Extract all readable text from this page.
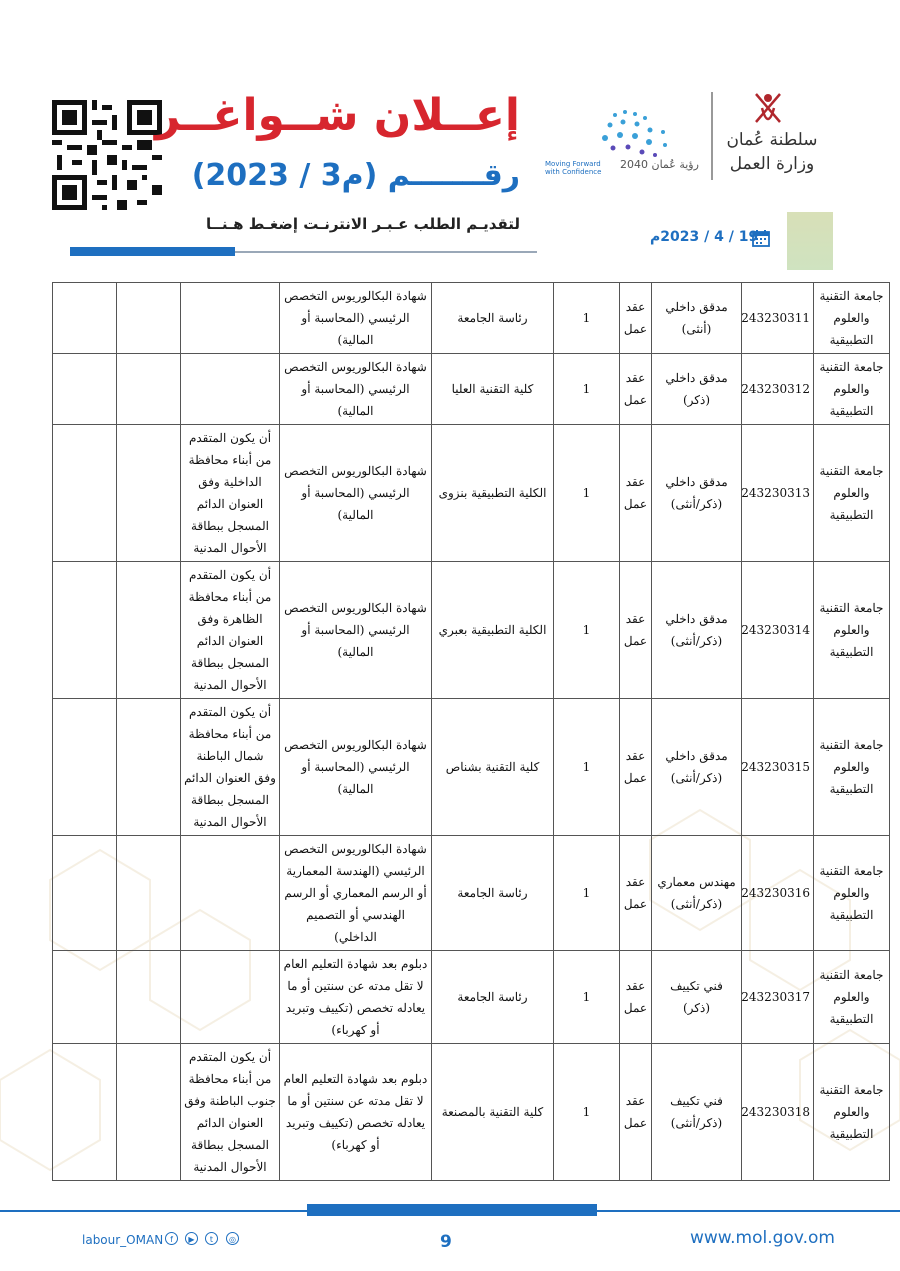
إعــلان شــواغــر
رقـــــــم (م3 / 2023)	Moving Forward
with Confidence
رؤية عُمان 2040
سلطنة عُمان
وزارة العمل
لتقديـم الطلب عـبـر الانترنـت إضغـط هـنــا
19 / 4 / 2023م
جامعة التقنية والعلوم التطبيقية	243230311	مدقق داخلي (أنثى)	عقد عمل	1	رئاسة الجامعة	شهادة البكالوريوس التخصص الرئيسي (المحاسبة أو المالية)			
جامعة التقنية والعلوم التطبيقية	243230312	مدقق داخلي (ذكر)	عقد عمل	1	كلية التقنية العليا	شهادة البكالوريوس التخصص الرئيسي (المحاسبة أو المالية)			
جامعة التقنية والعلوم التطبيقية	243230313	مدقق داخلي (ذكر/أنثى)	عقد عمل	1	الكلية التطبيقية بنزوى	شهادة البكالوريوس التخصص الرئيسي (المحاسبة أو المالية)	أن يكون المتقدم من أبناء محافظة الداخلية وفق العنوان الدائم المسجل ببطاقة الأحوال المدنية		
جامعة التقنية والعلوم التطبيقية	243230314	مدقق داخلي (ذكر/أنثى)	عقد عمل	1	الكلية التطبيقية بعبري	شهادة البكالوريوس التخصص الرئيسي (المحاسبة أو المالية)	أن يكون المتقدم من أبناء محافظة الظاهرة وفق العنوان الدائم المسجل ببطاقة الأحوال المدنية		
جامعة التقنية والعلوم التطبيقية	243230315	مدقق داخلي (ذكر/أنثى)	عقد عمل	1	كلية التقنية بشناص	شهادة البكالوريوس التخصص الرئيسي (المحاسبة أو المالية)	أن يكون المتقدم من أبناء محافظة شمال الباطنة وفق العنوان الدائم المسجل ببطاقة الأحوال المدنية		
جامعة التقنية والعلوم التطبيقية	243230316	مهندس معماري (ذكر/أنثى)	عقد عمل	1	رئاسة الجامعة	شهادة البكالوريوس التخصص الرئيسي (الهندسة المعمارية أو الرسم المعماري أو الرسم الهندسي أو التصميم الداخلي)			
جامعة التقنية والعلوم التطبيقية	243230317	فني تكييف (ذكر)	عقد عمل	1	رئاسة الجامعة	دبلوم بعد شهادة التعليم العام لا تقل مدته عن سنتين أو ما يعادله تخصص (تكييف وتبريد أو كهرباء)			
جامعة التقنية والعلوم التطبيقية	243230318	فني تكييف (ذكر/أنثى)	عقد عمل	1	كلية التقنية بالمصنعة	دبلوم بعد شهادة التعليم العام لا تقل مدته عن سنتين أو ما يعادله تخصص (تكييف وتبريد أو كهرباء)	أن يكون المتقدم من أبناء محافظة جنوب الباطنة وفق العنوان الدائم المسجل ببطاقة الأحوال المدنية		
labour_OMAN f	▶	t	◎	9	www.mol.gov.om
